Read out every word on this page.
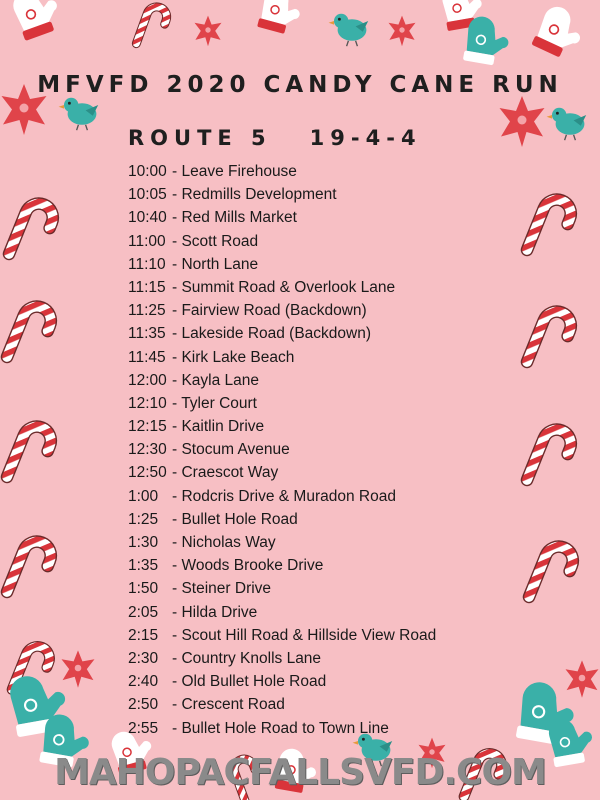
MFVFD 2020 CANDY CANE RUN
ROUTE 5 19-4-4
10:00 - Leave Firehouse
10:05 - Redmills Development
10:40 - Red Mills Market
11:00 - Scott Road
11:10 - North Lane
11:15 - Summit Road & Overlook Lane
11:25 - Fairview Road (Backdown)
11:35 - Lakeside Road (Backdown)
11:45 - Kirk Lake Beach
12:00 - Kayla Lane
12:10 - Tyler Court
12:15 - Kaitlin Drive
12:30 - Stocum Avenue
12:50 - Craescot Way
1:00 - Rodcris Drive & Muradon Road
1:25 - Bullet Hole Road
1:30 - Nicholas Way
1:35 - Woods Brooke Drive
1:50 - Steiner Drive
2:05 - Hilda Drive
2:15 - Scout Hill Road & Hillside View Road
2:30 - Country Knolls Lane
2:40 - Old Bullet Hole Road
2:50 - Crescent Road
2:55 - Bullet Hole Road to Town Line
MAHOPACFALLSVFD.COM
